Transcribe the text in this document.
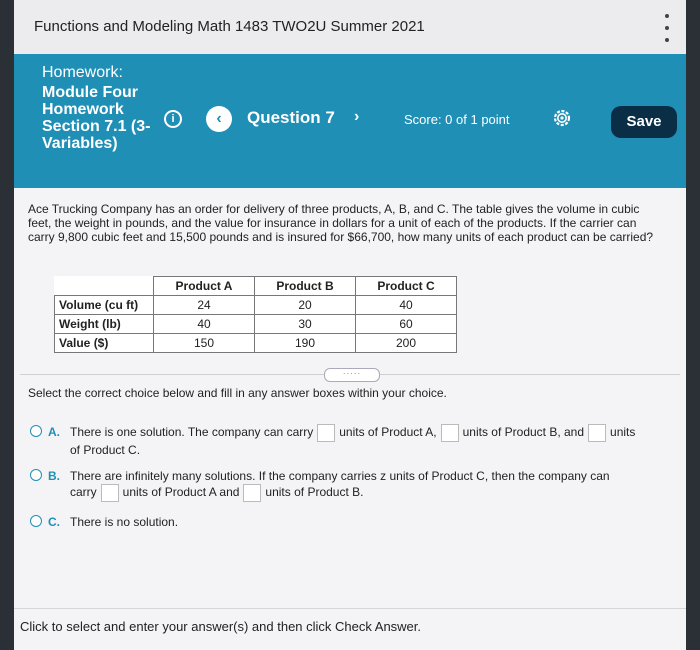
Functions and Modeling Math 1483 TWO2U Summer 2021
Homework:
Module Four Homework Section 7.1 (3-Variables)
i	‹	Question 7 ›	Score: 0 of 1 point	Save
Ace Trucking Company has an order for delivery of three products, A, B, and C. The table gives the volume in cubic feet, the weight in pounds, and the value for insurance in dollars for a unit of each of the products. If the carrier can carry 9,800 cubic feet and 15,500 pounds and is insured for $66,700, how many units of each product can be carried?
	Product A	Product B	Product C
Volume (cu ft)	24	20	40
Weight (lb)	40	30	60
Value ($)	150	190	200
·····
Select the correct choice below and fill in any answer boxes within your choice.
A. There is one solution. The company can carry units of Product A, units of Product B, and units
of Product C.
B. There are infinitely many solutions. If the company carries z units of Product C, then the company can
carry units of Product A and units of Product B.
C. There is no solution.
Click to select and enter your answer(s) and then click Check Answer.
